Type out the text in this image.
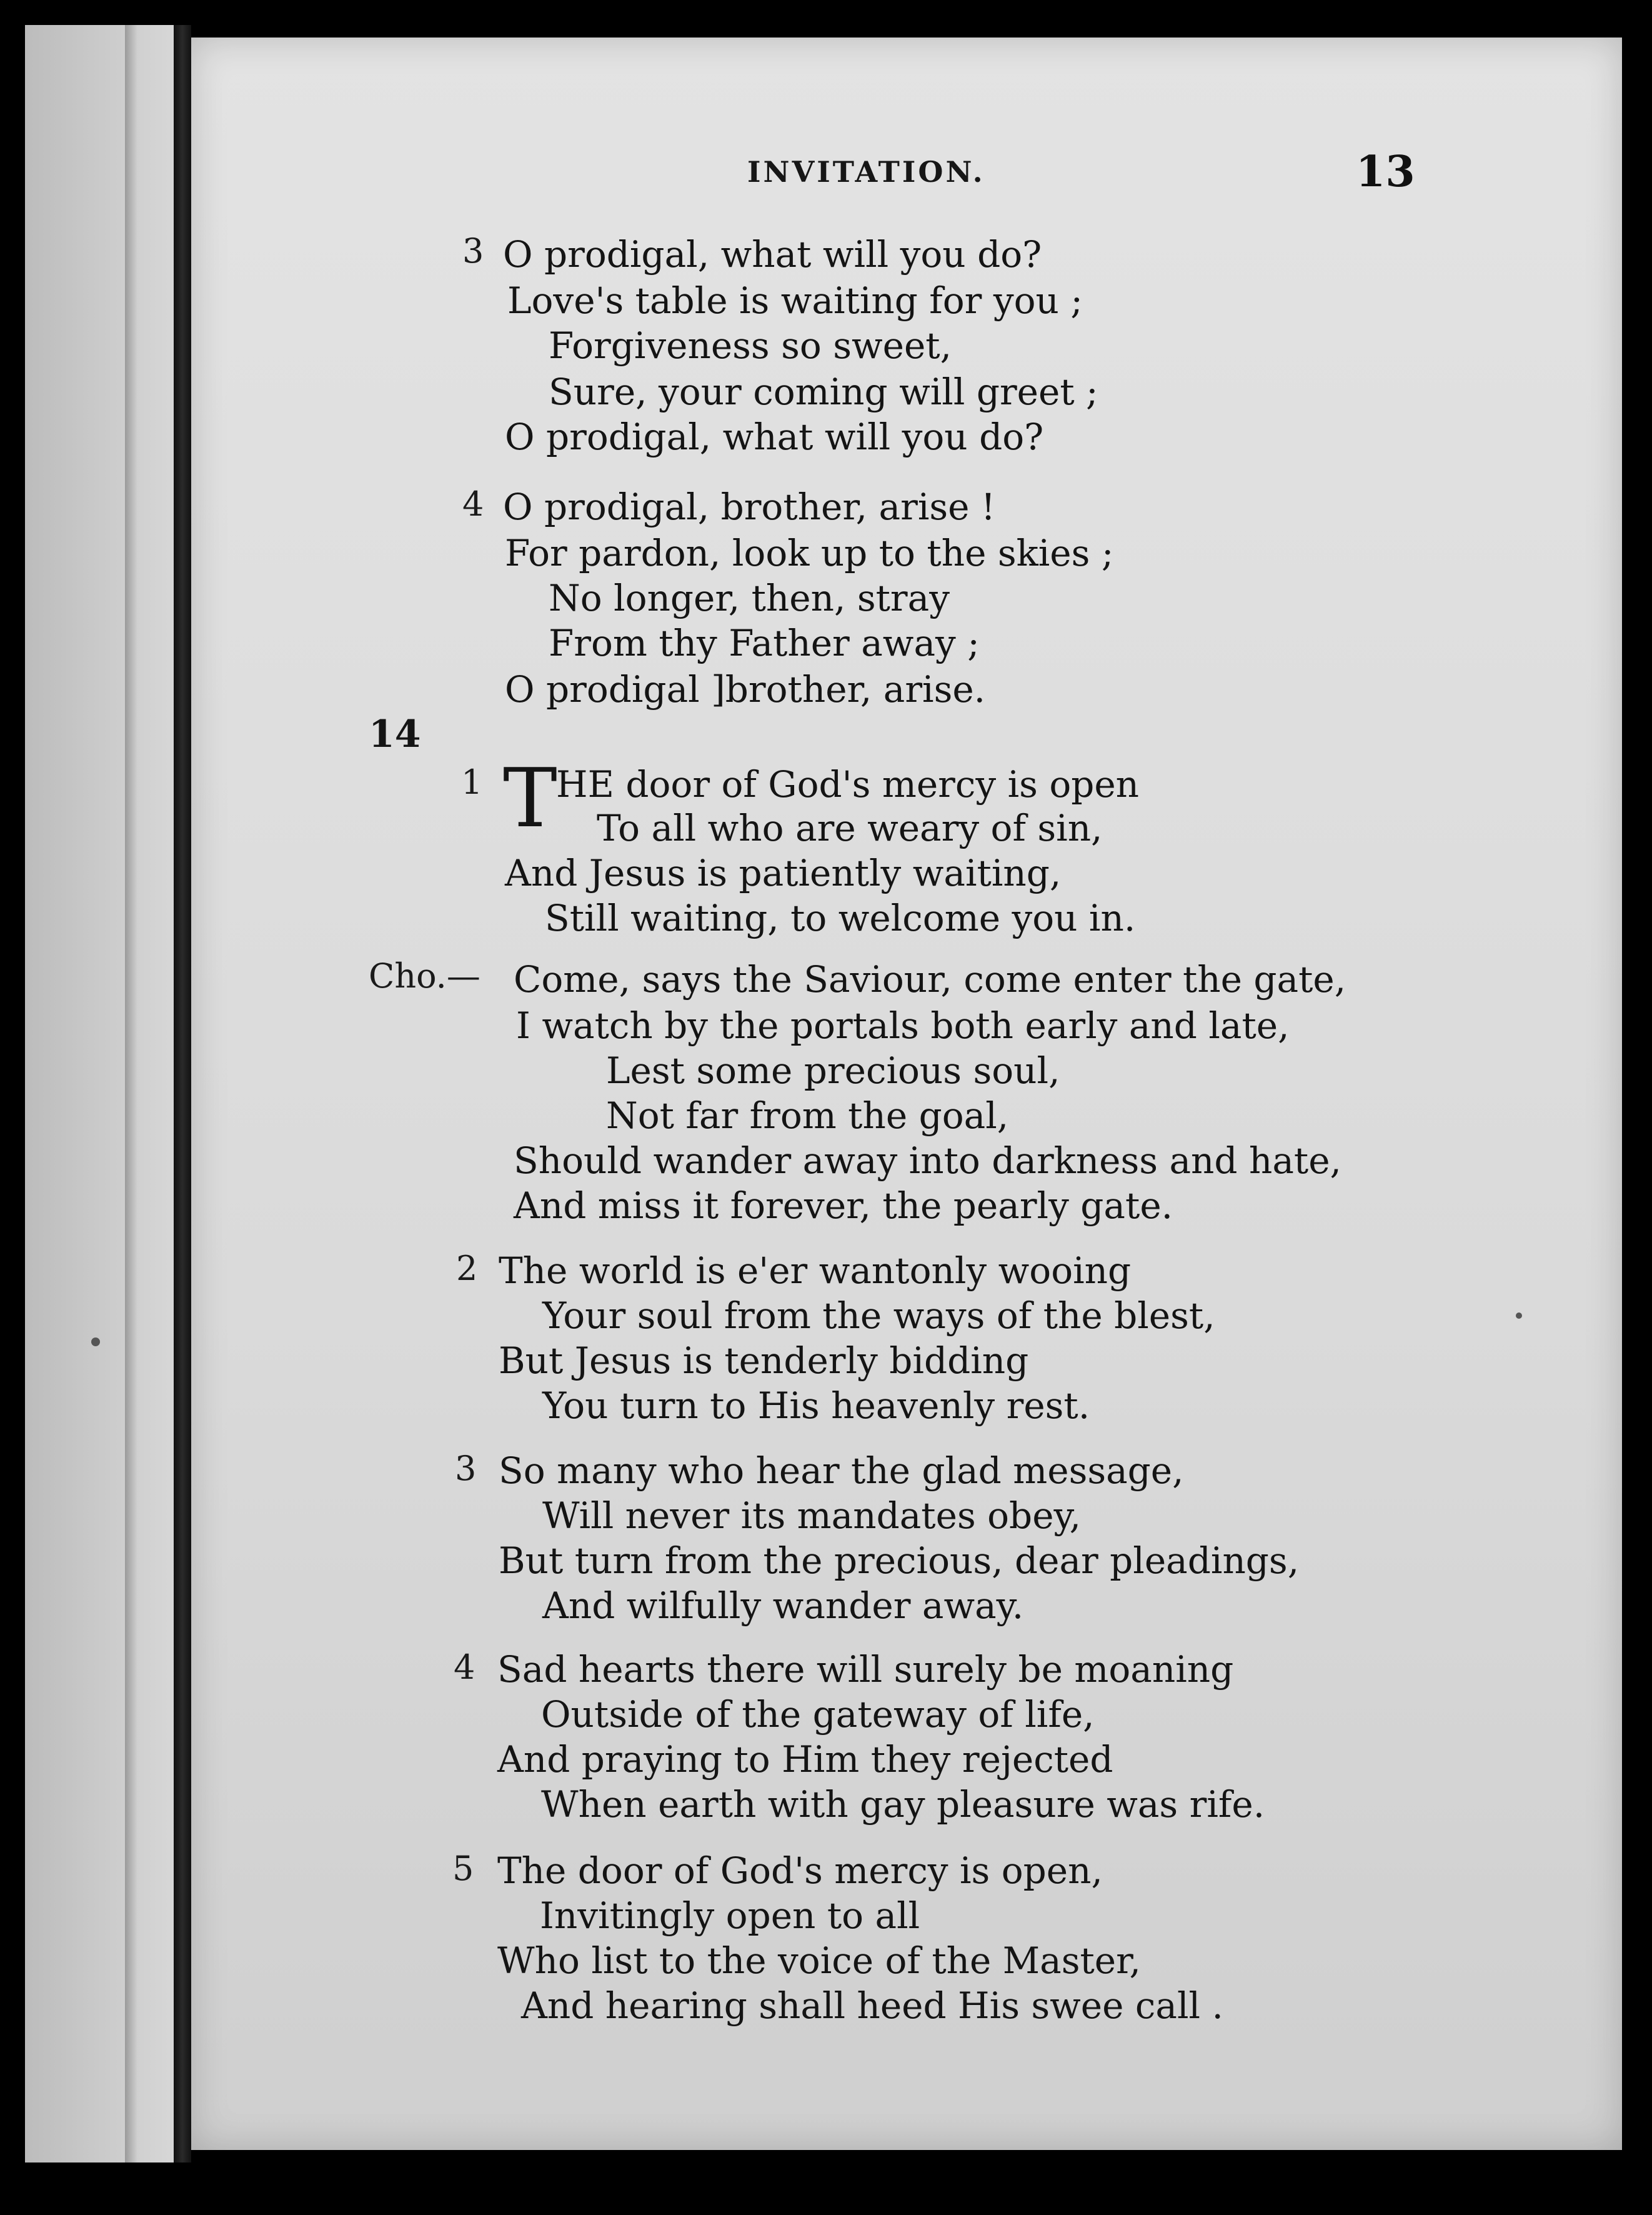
INVITATION.	13
3 O prodigal, what will you do?
Love's table is waiting for you ;
Forgiveness so sweet,
Sure, your coming will greet ;
O prodigal, what will you do?
4 O prodigal, brother, arise !
For pardon, look up to the skies ;
No longer, then, stray
From thy Father away ;
O prodigal ]brother, arise.
14
1 T
HE door of God's mercy is open
To all who are weary of sin,
And Jesus is patiently waiting,
Still waiting, to welcome you in.
Cho.— Come, says the Saviour, come enter the gate,
I watch by the portals both early and late,
Lest some precious soul,
Not far from the goal,
Should wander away into darkness and hate,
And miss it forever, the pearly gate.
2 The world is e'er wantonly wooing
Your soul from the ways of the blest,
But Jesus is tenderly bidding
You turn to His heavenly rest.
3 So many who hear the glad message,
Will never its mandates obey,
But turn from the precious, dear pleadings,
And wilfully wander away.
4 Sad hearts there will surely be moaning
Outside of the gateway of life,
And praying to Him they rejected
When earth with gay pleasure was rife.
5 The door of God's mercy is open,
Invitingly open to all
Who list to the voice of the Master,
And hearing shall heed His swee call .
